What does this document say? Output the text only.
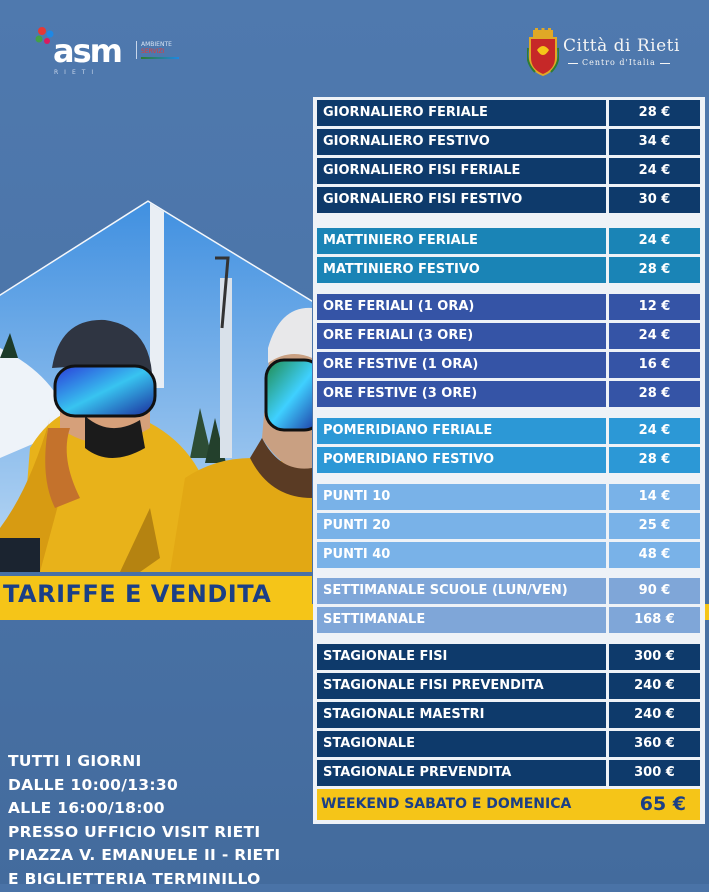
asm
RIETI
AMBIENTE
SERVIZI	Città di Rieti
Centro d'Italia
TARIFFE E VENDITA
GIORNALIERO FERIALE	28 €
GIORNALIERO FESTIVO	34 €
GIORNALIERO FISI FERIALE	24 €
GIORNALIERO FISI FESTIVO	30 €
MATTINIERO FERIALE	24 €
MATTINIERO FESTIVO	28 €
ORE FERIALI (1 ORA)	12 €
ORE FERIALI (3 ORE)	24 €
ORE FESTIVE (1 ORA)	16 €
ORE FESTIVE (3 ORE)	28 €
POMERIDIANO FERIALE	24 €
POMERIDIANO FESTIVO	28 €
PUNTI 10	14 €
PUNTI 20	25 €
PUNTI 40	48 €
SETTIMANALE SCUOLE (LUN/VEN)	90 €
SETTIMANALE	168 €
STAGIONALE FISI	300 €
STAGIONALE FISI PREVENDITA	240 €
STAGIONALE MAESTRI	240 €
STAGIONALE	360 €
STAGIONALE PREVENDITA	300 €
WEEKEND SABATO E DOMENICA	65 €
TUTTI I GIORNI
DALLE 10:00/13:30
ALLE 16:00/18:00
PRESSO UFFICIO VISIT RIETI
PIAZZA V. EMANUELE II - RIETI
E BIGLIETTERIA TERMINILLO
